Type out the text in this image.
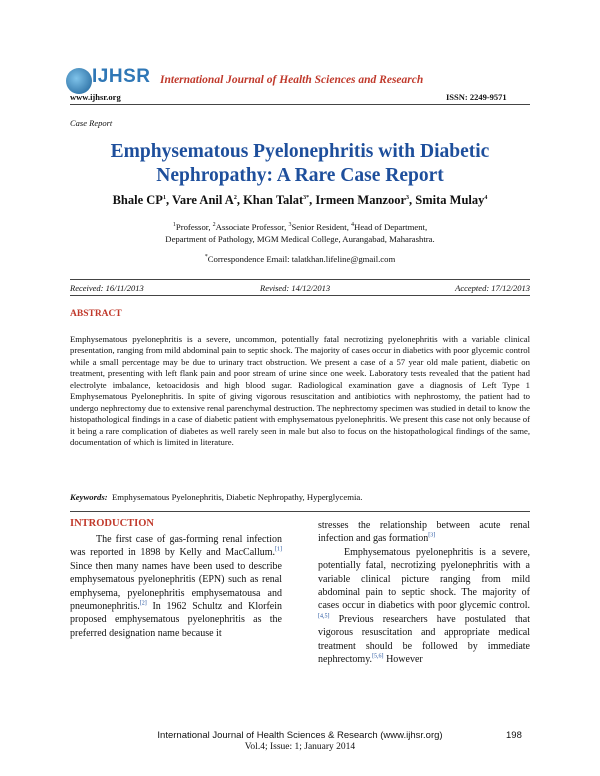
IJHSR International Journal of Health Sciences and Research
www.ijhsr.org	ISSN: 2249-9571
Case Report
Emphysematous Pyelonephritis with Diabetic Nephropathy: A Rare Case Report
Bhale $CP^1$, Vare Anil $A^2$, Khan Talat$^{3*}$, Irmeen Manzoor$^3$, Smita Mulay$^4$
$^1$Professor, $^2$Associate Professor, $^3$Senior Resident, $^4$Head of Department,
Department of Pathology, MGM Medical College, Aurangabad, Maharashtra.
*Correspondence Email: talatkhan.lifeline@gmail.com
Received: 16/11/2013	Revised: 14/12/2013	Accepted: 17/12/2013
ABSTRACT
Emphysematous pyelonephritis is a severe, uncommon, potentially fatal necrotizing pyelonephritis with a variable clinical presentation, ranging from mild abdominal pain to septic shock. The majority of cases occur in diabetics with poor glycemic control while a small percentage may be due to urinary tract obstruction. We present a case of a 57 year old male patient, diabetic on treatment, presenting with left flank pain and poor stream of urine since one week. Laboratory tests revealed that the patient had electrolyte imbalance, ketoacidosis and high blood sugar. Radiological examination gave a diagnosis of Left Type 1 Emphysematous Pyelonephritis. In spite of giving vigorous resuscitation and antibiotics with nephrostomy, the patient had to undergo nephrectomy due to extensive renal parenchymal destruction. The nephrectomy specimen was studied in detail to know the histopathological findings in a case of diabetic patient with emphysematous pyelonephritis. We present this case not only because of it being a rare complication of diabetes as well rarely seen in male but also to focus on the histopathological findings of the same, documentation of which is limited in literature.
Keywords: Emphysematous Pyelonephritis, Diabetic Nephropathy, Hyperglycemia.
INTRODUCTION
The first case of gas-forming renal infection was reported in 1898 by Kelly and MacCallum.[1] Since then many names have been used to describe emphysematous pyelonephritis (EPN) such as renal emphysema, pyelonephritis emphysematousa and pneumonephritis.[2] In 1962 Schultz and Klorfein proposed emphysematous pyelonephritis as the preferred designation name because it
stresses the relationship between acute renal infection and gas formation[3]
Emphysematous pyelonephritis is a severe, potentially fatal, necrotizing pyelonephritis with a variable clinical picture ranging from mild abdominal pain to septic shock. The majority of cases occur in diabetics with poor glycemic control.[4,5] Previous researchers have postulated that vigorous resuscitation and appropriate medical treatment should be followed by immediate nephrectomy.[5,6] However
International Journal of Health Sciences & Research (www.ijhsr.org)
Vol.4; Issue: 1; January 2014
198
